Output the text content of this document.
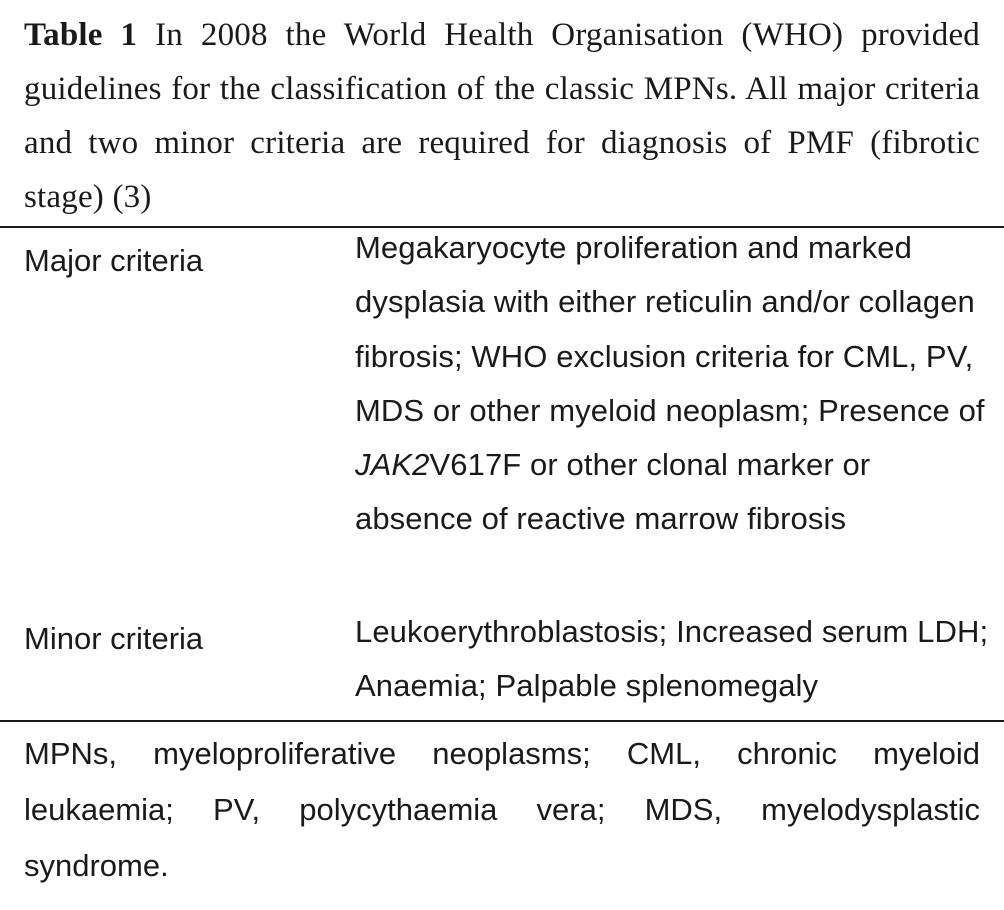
Table 1 In 2008 the World Health Organisation (WHO) provided guidelines for the classification of the classic MPNs. All major criteria and two minor criteria are required for diagnosis of PMF (fibrotic stage) (3)

Major criteria	Megakaryocyte proliferation and marked dysplasia with either reticulin and/or collagen fibrosis; WHO exclusion criteria for CML, PV, MDS or other myeloid neoplasm; Presence of JAK2V617F or other clonal marker or absence of reactive marrow fibrosis
Minor criteria	Leukoerythroblastosis; Increased serum LDH; Anaemia; Palpable splenomegaly

MPNs, myeloproliferative neoplasms; CML, chronic myeloid leukaemia; PV, polycythaemia vera; MDS, myelodysplastic syndrome.
